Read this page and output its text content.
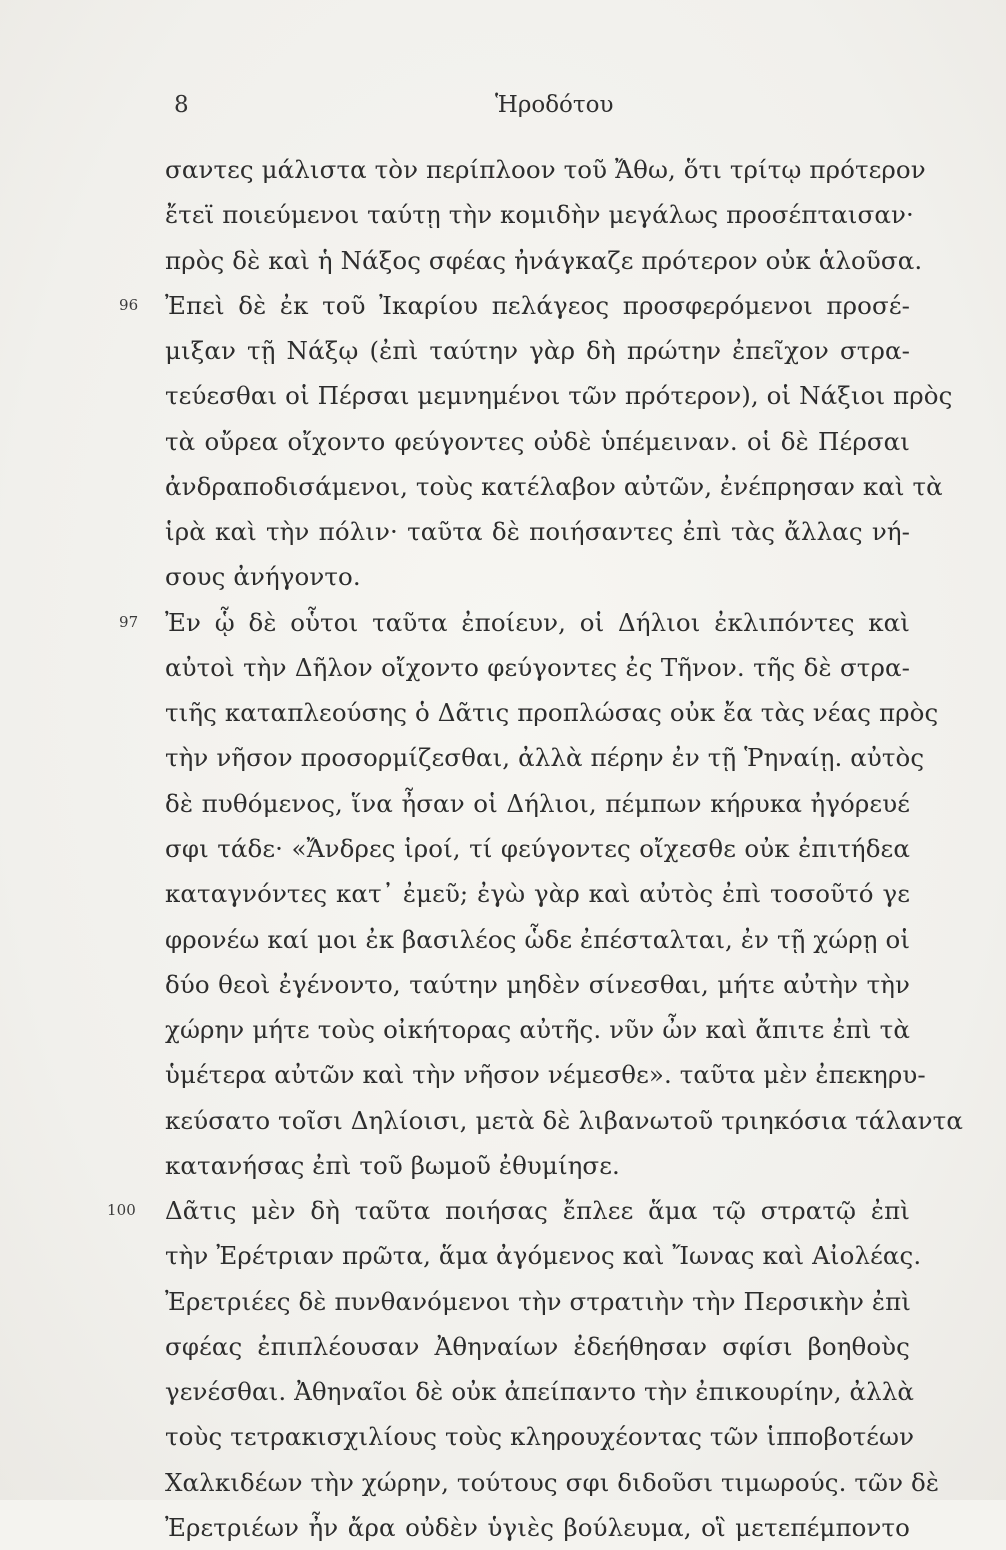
8	Ἡροδότου
σαντες μάλιστα τὸν περίπλοον τοῦ Ἄθω, ὅτι τρίτῳ πρότερον
ἔτεϊ ποιεύμενοι ταύτῃ τὴν κομιδὴν μεγάλως προσέπταισαν·
πρὸς δὲ καὶ ἡ Νάξος σφέας ἠνάγκαζε πρότερον οὐκ ἁλοῦσα.
96 Ἐπεὶ δὲ ἐκ τοῦ Ἰκαρίου πελάγεος προσφερόμενοι προσέ-
μιξαν τῇ Νάξῳ (ἐπὶ ταύτην γὰρ δὴ πρώτην ἐπεῖχον στρα-
τεύεσθαι οἱ Πέρσαι μεμνημένοι τῶν πρότερον), οἱ Νάξιοι πρὸς
τὰ οὔρεα οἴχοντο φεύγοντες οὐδὲ ὑπέμειναν. οἱ δὲ Πέρσαι
ἀνδραποδισάμενοι, τοὺς κατέλαβον αὐτῶν, ἐνέπρησαν καὶ τὰ
ἱρὰ καὶ τὴν πόλιν· ταῦτα δὲ ποιήσαντες ἐπὶ τὰς ἄλλας νή-
σους ἀνήγοντο.
97 Ἐν ᾧ δὲ οὗτοι ταῦτα ἐποίευν, οἱ Δήλιοι ἐκλιπόντες καὶ
αὐτοὶ τὴν Δῆλον οἴχοντο φεύγοντες ἐς Τῆνον. τῆς δὲ στρα-
τιῆς καταπλεούσης ὁ Δᾶτις προπλώσας οὐκ ἔα τὰς νέας πρὸς
τὴν νῆσον προσορμίζεσθαι, ἀλλὰ πέρην ἐν τῇ Ῥηναίῃ. αὐτὸς
δὲ πυθόμενος, ἵνα ἦσαν οἱ Δήλιοι, πέμπων κήρυκα ἠγόρευέ
σφι τάδε· «Ἄνδρες ἱροί, τί φεύγοντες οἴχεσθε οὐκ ἐπιτήδεα
καταγνόντες κατ᾽ ἐμεῦ; ἐγὼ γὰρ καὶ αὐτὸς ἐπὶ τοσοῦτό γε
φρονέω καί μοι ἐκ βασιλέος ὧδε ἐπέσταλται, ἐν τῇ χώρῃ οἱ
δύο θεοὶ ἐγένοντο, ταύτην μηδὲν σίνεσθαι, μήτε αὐτὴν τὴν
χώρην μήτε τοὺς οἰκήτορας αὐτῆς. νῦν ὦν καὶ ἄπιτε ἐπὶ τὰ
ὑμέτερα αὐτῶν καὶ τὴν νῆσον νέμεσθε». ταῦτα μὲν ἐπεκηρυ-
κεύσατο τοῖσι Δηλίοισι, μετὰ δὲ λιβανωτοῦ τριηκόσια τάλαντα
κατανήσας ἐπὶ τοῦ βωμοῦ ἐθυμίησε.
100 Δᾶτις μὲν δὴ ταῦτα ποιήσας ἔπλεε ἅμα τῷ στρατῷ ἐπὶ
τὴν Ἐρέτριαν πρῶτα, ἅμα ἀγόμενος καὶ Ἴωνας καὶ Αἰολέας.
Ἐρετριέες δὲ πυνθανόμενοι τὴν στρατιὴν τὴν Περσικὴν ἐπὶ
σφέας ἐπιπλέουσαν Ἀθηναίων ἐδεήθησαν σφίσι βοηθοὺς
γενέσθαι. Ἀθηναῖοι δὲ οὐκ ἀπείπαντο τὴν ἐπικουρίην, ἀλλὰ
τοὺς τετρακισχιλίους τοὺς κληρουχέοντας τῶν ἱπποβοτέων
Χαλκιδέων τὴν χώρην, τούτους σφι διδοῦσι τιμωρούς. τῶν δὲ
Ἐρετριέων ἦν ἄρα οὐδὲν ὑγιὲς βούλευμα, οἳ μετεπέμποντο
